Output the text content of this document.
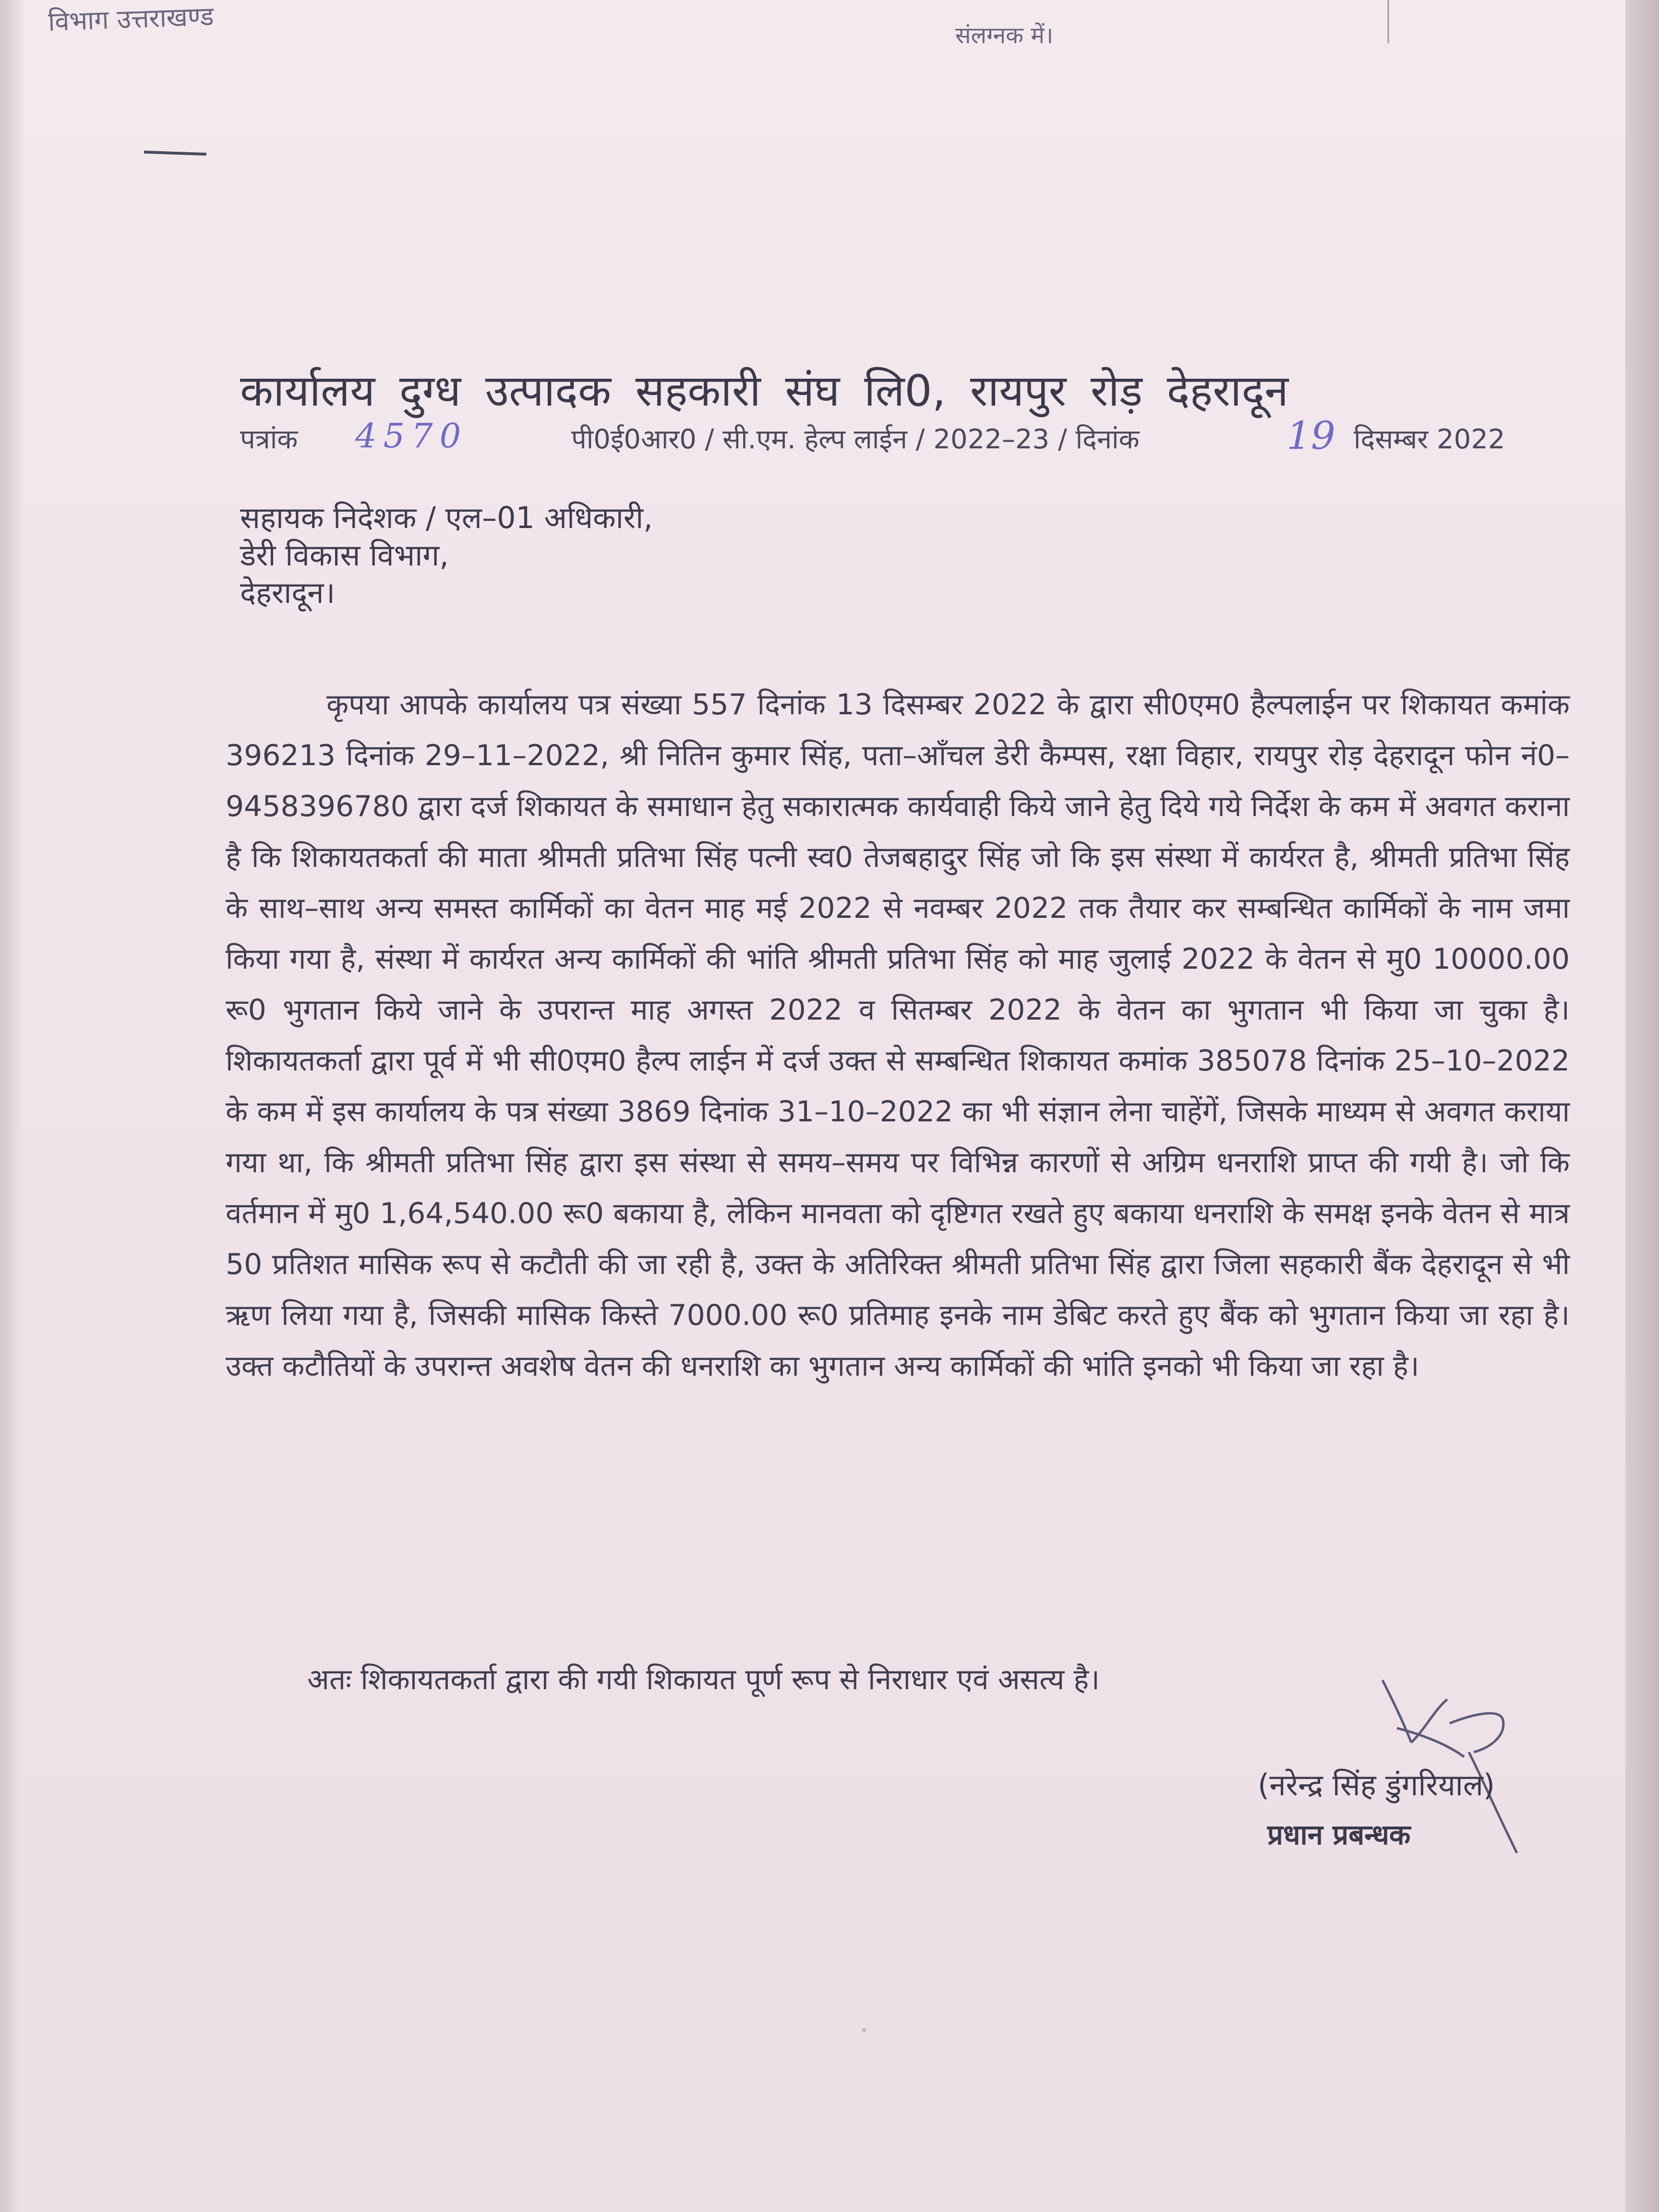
विभाग उत्तराखण्ड	संलग्नक में।
कार्यालय दुग्ध उत्पादक सहकारी संघ लि0, रायपुर रोड़ देहरादून
पत्रांक 4570	पी0ई0आर0 / सी.एम. हेल्प लाईन / 2022–23 / दिनांक	19 दिसम्बर 2022
सहायक निदेशक / एल–01 अधिकारी,
डेरी विकास विभाग,
देहरादून।

कृपया आपके कार्यालय पत्र संख्या 557 दिनांक 13 दिसम्बर 2022 के द्वारा सी0एम0 हैल्पलाईन पर शिकायत कमांक 396213 दिनांक 29–11–2022, श्री नितिन कुमार सिंह, पता–आँचल डेरी कैम्पस, रक्षा विहार, रायपुर रोड़ देहरादून फोन नं0–9458396780 द्वारा दर्ज शिकायत के समाधान हेतु सकारात्मक कार्यवाही किये जाने हेतु दिये गये निर्देश के कम में अवगत कराना है कि शिकायतकर्ता की माता श्रीमती प्रतिभा सिंह पत्नी स्व0 तेजबहादुर सिंह जो कि इस संस्था में कार्यरत है, श्रीमती प्रतिभा सिंह के साथ–साथ अन्य समस्त कार्मिकों का वेतन माह मई 2022 से नवम्बर 2022 तक तैयार कर सम्बन्धित कार्मिकों के नाम जमा किया गया है, संस्था में कार्यरत अन्य कार्मिकों की भांति श्रीमती प्रतिभा सिंह को माह जुलाई 2022 के वेतन से मु0 10000.00 रू0 भुगतान किये जाने के उपरान्त माह अगस्त 2022 व सितम्बर 2022 के वेतन का भुगतान भी किया जा चुका है। शिकायतकर्ता द्वारा पूर्व में भी सी0एम0 हैल्प लाईन में दर्ज उक्त से सम्बन्धित शिकायत कमांक 385078 दिनांक 25–10–2022 के कम में इस कार्यालय के पत्र संख्या 3869 दिनांक 31–10–2022 का भी संज्ञान लेना चाहेंगें, जिसके माध्यम से अवगत कराया गया था, कि श्रीमती प्रतिभा सिंह द्वारा इस संस्था से समय–समय पर विभिन्न कारणों से अग्रिम धनराशि प्राप्त की गयी है। जो कि वर्तमान में मु0 1,64,540.00 रू0 बकाया है, लेकिन मानवता को दृष्टिगत रखते हुए बकाया धनराशि के समक्ष इनके वेतन से मात्र 50 प्रतिशत मासिक रूप से कटौती की जा रही है, उक्त के अतिरिक्त श्रीमती प्रतिभा सिंह द्वारा जिला सहकारी बैंक देहरादून से भी ऋण लिया गया है, जिसकी मासिक किस्ते 7000.00 रू0 प्रतिमाह इनके नाम डेबिट करते हुए बैंक को भुगतान किया जा रहा है। उक्त कटौतियों के उपरान्त अवशेष वेतन की धनराशि का भुगतान अन्य कार्मिकों की भांति इनको भी किया जा रहा है।

अतः शिकायतकर्ता द्वारा की गयी शिकायत पूर्ण रूप से निराधार एवं असत्य है।
(नरेन्द्र सिंह डुंगरियाल)
प्रधान प्रबन्धक
